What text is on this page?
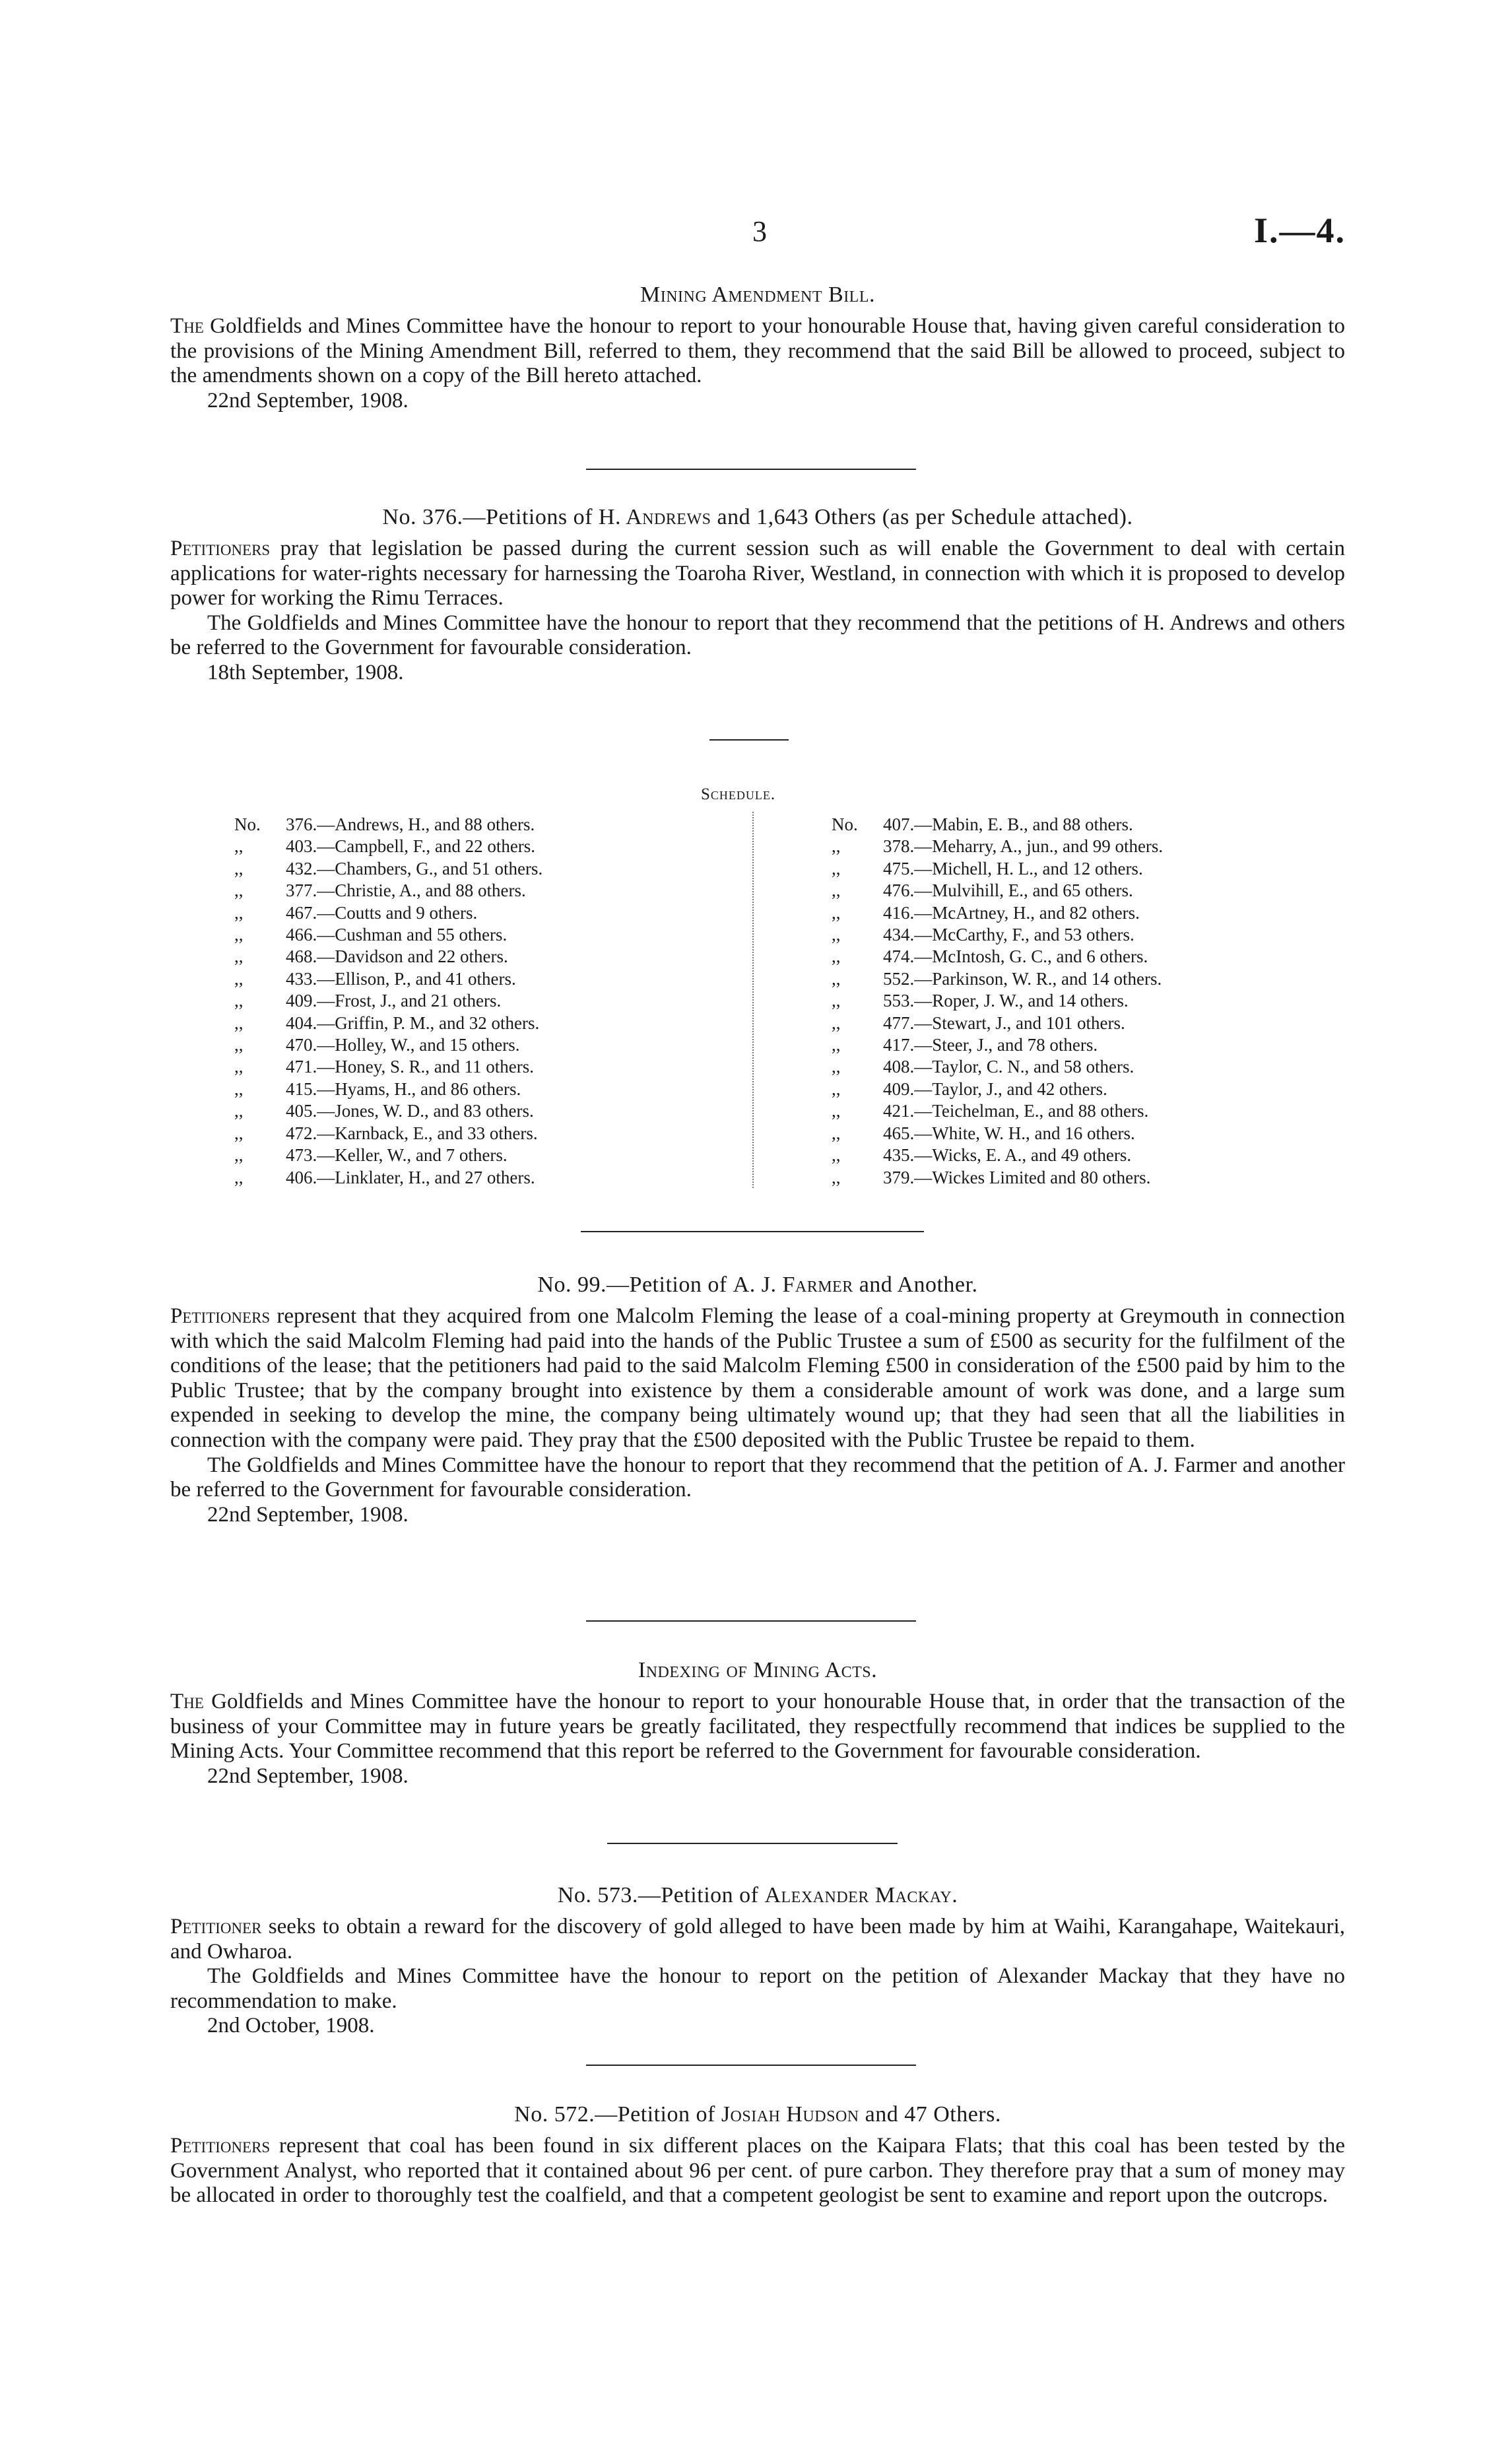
3	I.—4.
Mining Amendment Bill.

The Goldfields and Mines Committee have the honour to report to your honourable House that, having given careful consideration to the provisions of the Mining Amendment Bill, referred to them, they recommend that the said Bill be allowed to proceed, subject to the amendments shown on a copy of the Bill hereto attached.

22nd September, 1908.

No. 376.—Petitions of H. Andrews and 1,643 Others (as per Schedule attached).

Petitioners pray that legislation be passed during the current session such as will enable the Government to deal with certain applications for water-rights necessary for harnessing the Toaroha River, Westland, in connection with which it is proposed to develop power for working the Rimu Terraces.

The Goldfields and Mines Committee have the honour to report that they recommend that the petitions of H. Andrews and others be referred to the Government for favourable consideration.

18th September, 1908.

Schedule.
No. 376.—Andrews, H., and 88 others.
,, 403.—Campbell, F., and 22 others.
,, 432.—Chambers, G., and 51 others.
,, 377.—Christie, A., and 88 others.
,, 467.—Coutts and 9 others.
,, 466.—Cushman and 55 others.
,, 468.—Davidson and 22 others.
,, 433.—Ellison, P., and 41 others.
,, 409.—Frost, J., and 21 others.
,, 404.—Griffin, P. M., and 32 others.
,, 470.—Holley, W., and 15 others.
,, 471.—Honey, S. R., and 11 others.
,, 415.—Hyams, H., and 86 others.
,, 405.—Jones, W. D., and 83 others.
,, 472.—Karnback, E., and 33 others.
,, 473.—Keller, W., and 7 others.
,, 406.—Linklater, H., and 27 others.
No. 407.—Mabin, E. B., and 88 others.
,, 378.—Meharry, A., jun., and 99 others.
,, 475.—Michell, H. L., and 12 others.
,, 476.—Mulvihill, E., and 65 others.
,, 416.—McArtney, H., and 82 others.
,, 434.—McCarthy, F., and 53 others.
,, 474.—McIntosh, G. C., and 6 others.
,, 552.—Parkinson, W. R., and 14 others.
,, 553.—Roper, J. W., and 14 others.
,, 477.—Stewart, J., and 101 others.
,, 417.—Steer, J., and 78 others.
,, 408.—Taylor, C. N., and 58 others.
,, 409.—Taylor, J., and 42 others.
,, 421.—Teichelman, E., and 88 others.
,, 465.—White, W. H., and 16 others.
,, 435.—Wicks, E. A., and 49 others.
,, 379.—Wickes Limited and 80 others.
No. 99.—Petition of A. J. Farmer and Another.

Petitioners represent that they acquired from one Malcolm Fleming the lease of a coal-mining property at Greymouth in connection with which the said Malcolm Fleming had paid into the hands of the Public Trustee a sum of £500 as security for the fulfilment of the conditions of the lease; that the petitioners had paid to the said Malcolm Fleming £500 in consideration of the £500 paid by him to the Public Trustee; that by the company brought into existence by them a considerable amount of work was done, and a large sum expended in seeking to develop the mine, the company being ultimately wound up; that they had seen that all the liabilities in connection with the company were paid. They pray that the £500 deposited with the Public Trustee be repaid to them.

The Goldfields and Mines Committee have the honour to report that they recommend that the petition of A. J. Farmer and another be referred to the Government for favourable consideration.

22nd September, 1908.

Indexing of Mining Acts.

The Goldfields and Mines Committee have the honour to report to your honourable House that, in order that the transaction of the business of your Committee may in future years be greatly facilitated, they respectfully recommend that indices be supplied to the Mining Acts. Your Committee recommend that this report be referred to the Government for favourable consideration.

22nd September, 1908.

No. 573.—Petition of Alexander Mackay.

Petitioner seeks to obtain a reward for the discovery of gold alleged to have been made by him at Waihi, Karangahape, Waitekauri, and Owharoa.

The Goldfields and Mines Committee have the honour to report on the petition of Alexander Mackay that they have no recommendation to make.

2nd October, 1908.

No. 572.—Petition of Josiah Hudson and 47 Others.

Petitioners represent that coal has been found in six different places on the Kaipara Flats; that this coal has been tested by the Government Analyst, who reported that it contained about 96 per cent. of pure carbon. They therefore pray that a sum of money may be allocated in order to thoroughly test the coalfield, and that a competent geologist be sent to examine and report upon the outcrops.
